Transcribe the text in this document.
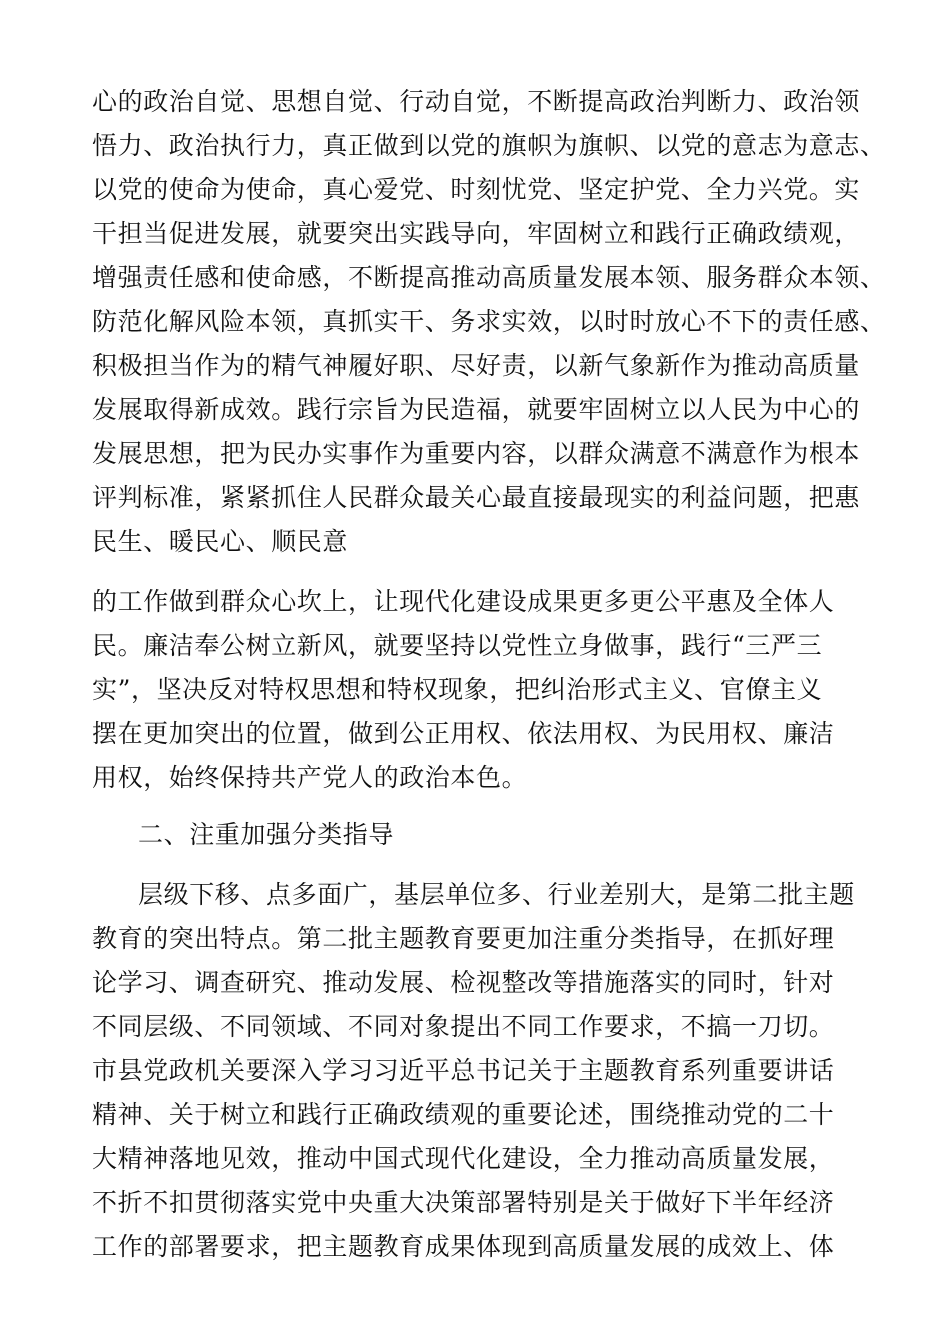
心的政治自觉、思想自觉、行动自觉，不断提高政治判断力、政治领
悟力、政治执行力，真正做到以党的旗帜为旗帜、以党的意志为意志、
以党的使命为使命，真心爱党、时刻忧党、坚定护党、全力兴党。实
干担当促进发展，就要突出实践导向，牢固树立和践行正确政绩观，
增强责任感和使命感，不断提高推动高质量发展本领、服务群众本领、
防范化解风险本领，真抓实干、务求实效，以时时放心不下的责任感、
积极担当作为的精气神履好职、尽好责，以新气象新作为推动高质量
发展取得新成效。践行宗旨为民造福，就要牢固树立以人民为中心的
发展思想，把为民办实事作为重要内容，以群众满意不满意作为根本
评判标准，紧紧抓住人民群众最关心最直接最现实的利益问题，把惠
民生、暖民心、顺民意
的工作做到群众心坎上，让现代化建设成果更多更公平惠及全体人
民。廉洁奉公树立新风，就要坚持以党性立身做事，践行“三严三
实”，坚决反对特权思想和特权现象，把纠治形式主义、官僚主义
摆在更加突出的位置，做到公正用权、依法用权、为民用权、廉洁
用权，始终保持共产党人的政治本色。
二、注重加强分类指导
层级下移、点多面广，基层单位多、行业差别大，是第二批主题
教育的突出特点。第二批主题教育要更加注重分类指导，在抓好理
论学习、调查研究、推动发展、检视整改等措施落实的同时，针对
不同层级、不同领域、不同对象提出不同工作要求，不搞一刀切。
市县党政机关要深入学习习近平总书记关于主题教育系列重要讲话
精神、关于树立和践行正确政绩观的重要论述，围绕推动党的二十
大精神落地见效，推动中国式现代化建设，全力推动高质量发展，
不折不扣贯彻落实党中央重大决策部署特别是关于做好下半年经济
工作的部署要求，把主题教育成果体现到高质量发展的成效上、体
